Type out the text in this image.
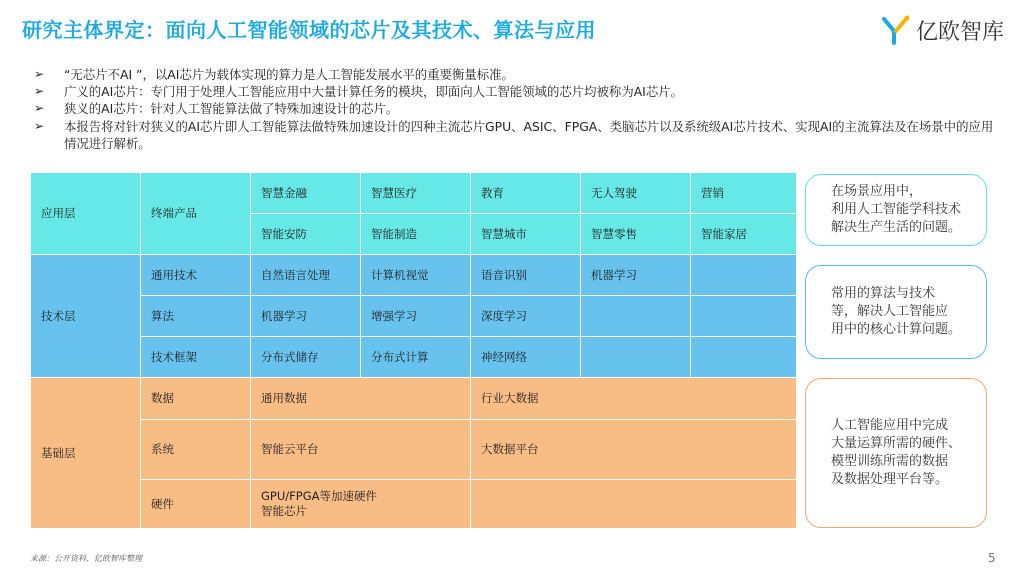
研究主体界定：面向人工智能领域的芯片及其技术、算法与应用	亿欧智库
➢ “无芯片不AI ”，以AI芯片为载体实现的算力是人工智能发展水平的重要衡量标准。
➢ 广义的AI芯片：专门用于处理人工智能应用中大量计算任务的模块，即面向人工智能领域的芯片均被称为AI芯片。
➢ 狭义的AI芯片：针对人工智能算法做了特殊加速设计的芯片。
➢ 本报告将对针对狭义的AI芯片即人工智能算法做特殊加速设计的四种主流芯片GPU、ASIC、FPGA、类脑芯片以及系统级AI芯片技术、实现AI的主流算法及在场景中的应用情况进行解析。
应用层	终端产品	智慧金融	智慧医疗	教育	无人驾驶	营销
		智能安防	智能制造	智慧城市	智慧零售	智能家居
技术层	通用技术	自然语言处理	计算机视觉	语音识别	机器学习	
	算法	机器学习	增强学习	深度学习		
	技术框架	分布式储存	分布式计算	神经网络		
基础层	数据	通用数据		行业大数据		
	系统	智能云平台		大数据平台		
	硬件	GPU/FPGA等加速硬件
智能芯片				

在场景应用中，
利用人工智能学科技术
解决生产生活的问题。
常用的算法与技术
等，解决人工智能应
用中的核心计算问题。
人工智能应用中完成
大量运算所需的硬件、
模型训练所需的数据
及数据处理平台等。
来源：公开资料、亿欧智库整理	5
